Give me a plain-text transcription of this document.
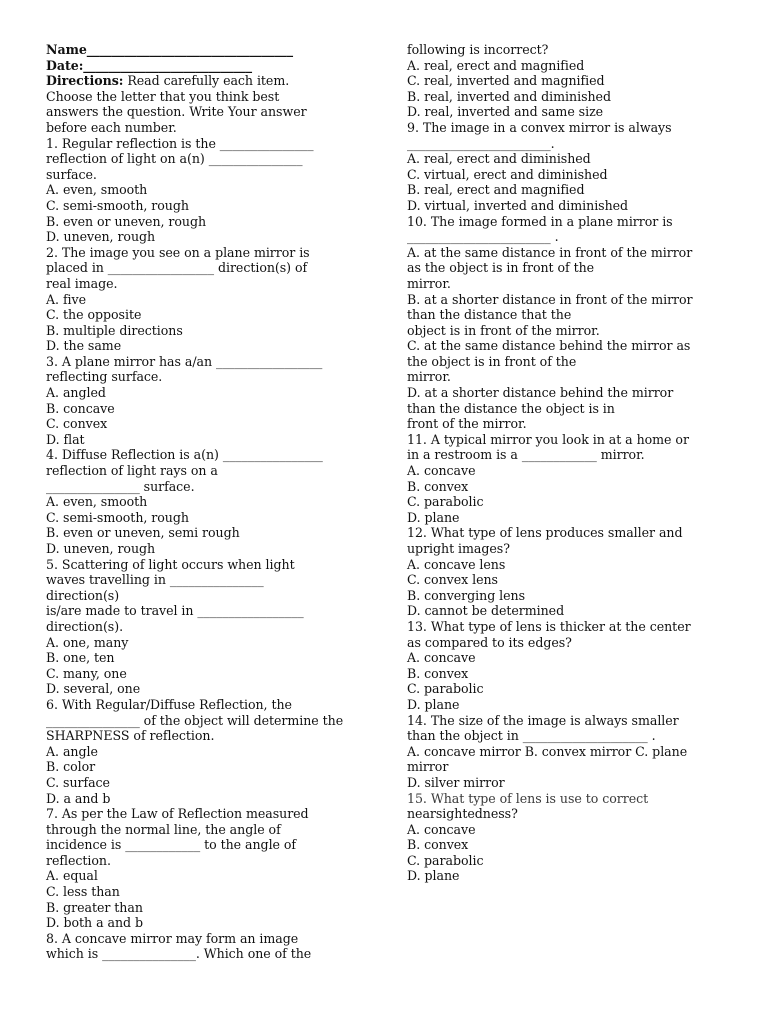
Name_________________________________
Date:___________________________
Directions: Read carefully each item.
Choose the letter that you think best
answers the question. Write Your answer
before each number.
1. Regular reflection is the _______________
reflection of light on a(n) _______________
surface.
A. even, smooth
C. semi-smooth, rough
B. even or uneven, rough
D. uneven, rough
2. The image you see on a plane mirror is
placed in _________________ direction(s) of
real image.
A. five
C. the opposite
B. multiple directions
D. the same
3. A plane mirror has a/an _________________
reflecting surface.
A. angled
B. concave
C. convex
D. flat
4. Diffuse Reflection is a(n) ________________
reflection of light rays on a
_______________ surface.
A. even, smooth
C. semi-smooth, rough
B. even or uneven, semi rough
D. uneven, rough
5. Scattering of light occurs when light
waves travelling in _______________
direction(s)
is/are made to travel in _________________
direction(s).
A. one, many
B. one, ten
C. many, one
D. several, one
6. With Regular/Diffuse Reflection, the
_______________ of the object will determine the
SHARPNESS of reflection.
A. angle
B. color
C. surface
D. a and b
7. As per the Law of Reflection measured
through the normal line, the angle of
incidence is ____________ to the angle of
reflection.
A. equal
C. less than
B. greater than
D. both a and b
8. A concave mirror may form an image
which is _______________. Which one of the
following is incorrect?
A. real, erect and magnified
C. real, inverted and magnified
B. real, inverted and diminished
D. real, inverted and same size
9. The image in a convex mirror is always
_______________________.
A. real, erect and diminished
C. virtual, erect and diminished
B. real, erect and magnified
D. virtual, inverted and diminished
10. The image formed in a plane mirror is
_______________________ .
A. at the same distance in front of the mirror
as the object is in front of the
mirror.
B. at a shorter distance in front of the mirror
than the distance that the
object is in front of the mirror.
C. at the same distance behind the mirror as
the object is in front of the
mirror.
D. at a shorter distance behind the mirror
than the distance the object is in
front of the mirror.
11. A typical mirror you look in at a home or
in a restroom is a ____________ mirror.
A. concave
B. convex
C. parabolic
D. plane
12. What type of lens produces smaller and
upright images?
A. concave lens
C. convex lens
B. converging lens
D. cannot be determined
13. What type of lens is thicker at the center
as compared to its edges?
A. concave
B. convex
C. parabolic
D. plane
14. The size of the image is always smaller
than the object in ____________________ .
A. concave mirror B. convex mirror C. plane
mirror
D. silver mirror
15. What type of lens is use to correct
nearsightedness?
A. concave
B. convex
C. parabolic
D. plane
